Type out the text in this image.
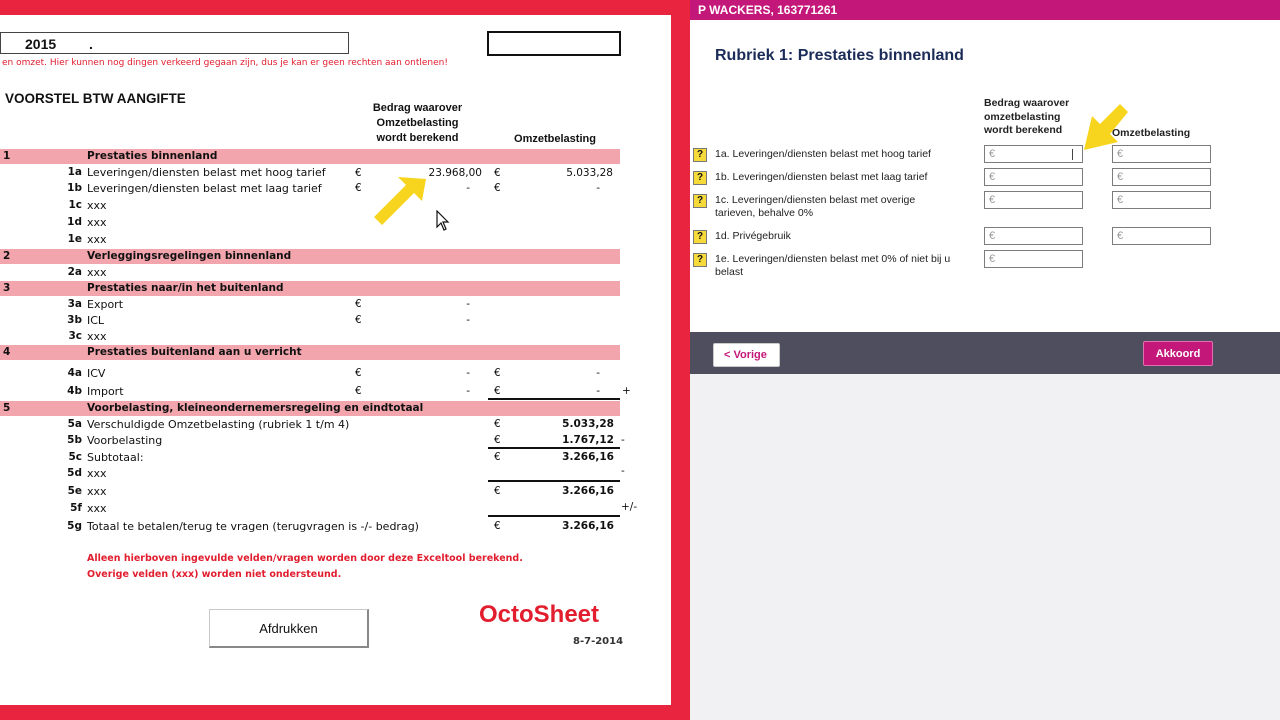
2015 .
en omzet. Hier kunnen nog dingen verkeerd gegaan zijn, dus je kan er geen rechten aan ontlenen!
VOORSTEL BTW AANGIFTE
Bedrag waarover
Omzetbelasting
wordt berekend	Omzetbelasting
1	Prestaties binnenland
1a Leveringen/diensten belast met hoog tarief	€	23.968,00 €	5.033,28
1b Leveringen/diensten belast met laag tarief	€	- €	-
1c xxx
1d xxx
1e xxx
2	Verleggingsregelingen binnenland
2a xxx
3	Prestaties naar/in het buitenland
3a Export	€	-
3b ICL	€	-
3c xxx
4	Prestaties buitenland aan u verricht
4a ICV	€	- €	-
4b Import	€	- €	- +
5	Voorbelasting, kleineondernemersregeling en eindtotaal
5a Verschuldigde Omzetbelasting (rubriek 1 t/m 4)	€	5.033,28
5b Voorbelasting	€	1.767,12 -
5c Subtotaal:	€	3.266,16
5d xxx	-
5e xxx	€	3.266,16
5f xxx	+/-
5g Totaal te betalen/terug te vragen (terugvragen is -/- bedrag)	€	3.266,16
Alleen hierboven ingevulde velden/vragen worden door deze Exceltool berekend.
Overige velden (xxx) worden niet ondersteund.
Afdrukken	OctoSheet
8-7-2014
P WACKERS, 163771261
Rubriek 1: Prestaties binnenland
Bedrag waarover
omzetbelasting
wordt berekend	Omzetbelasting
?	1a. Leveringen/diensten belast met hoog tarief	€	€
?	1b. Leveringen/diensten belast met laag tarief	€	€
?	1c. Leveringen/diensten belast met overige
tarieven, behalve 0%
€	€
?	1d. Privégebruik	€	€
?	1e. Leveringen/diensten belast met 0% of niet bij u
belast
€
< Vorige	Akkoord
